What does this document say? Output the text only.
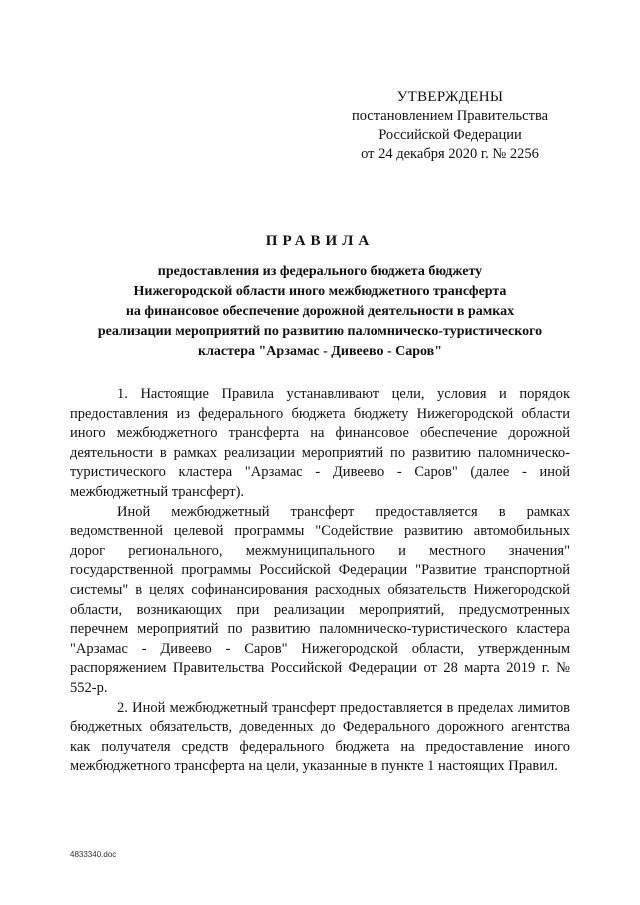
УТВЕРЖДЕНЫ
постановлением Правительства
Российской Федерации
от 24 декабря 2020 г. № 2256
ПРАВИЛА
предоставления из федерального бюджета бюджету
Нижегородской области иного межбюджетного трансферта
на финансовое обеспечение дорожной деятельности в рамках
реализации мероприятий по развитию паломническо-туристического
кластера "Арзамас - Дивеево - Саров"

1. Настоящие Правила устанавливают цели, условия и порядок предоставления из федерального бюджета бюджету Нижегородской области иного межбюджетного трансферта на финансовое обеспечение дорожной деятельности в рамках реализации мероприятий по развитию паломническо-туристического кластера "Арзамас - Дивеево - Саров" (далее - иной межбюджетный трансферт).

Иной межбюджетный трансферт предоставляется в рамках ведомственной целевой программы "Содействие развитию автомобильных дорог регионального, межмуниципального и местного значения" государственной программы Российской Федерации "Развитие транспортной системы" в целях софинансирования расходных обязательств Нижегородской области, возникающих при реализации мероприятий, предусмотренных перечнем мероприятий по развитию паломническо-туристического кластера "Арзамас - Дивеево - Саров" Нижегородской области, утвержденным распоряжением Правительства Российской Федерации от 28 марта 2019 г. № 552-р.

2. Иной межбюджетный трансферт предоставляется в пределах лимитов бюджетных обязательств, доведенных до Федерального дорожного агентства как получателя средств федерального бюджета на предоставление иного межбюджетного трансферта на цели, указанные в пункте 1 настоящих Правил.

4833340.doc
